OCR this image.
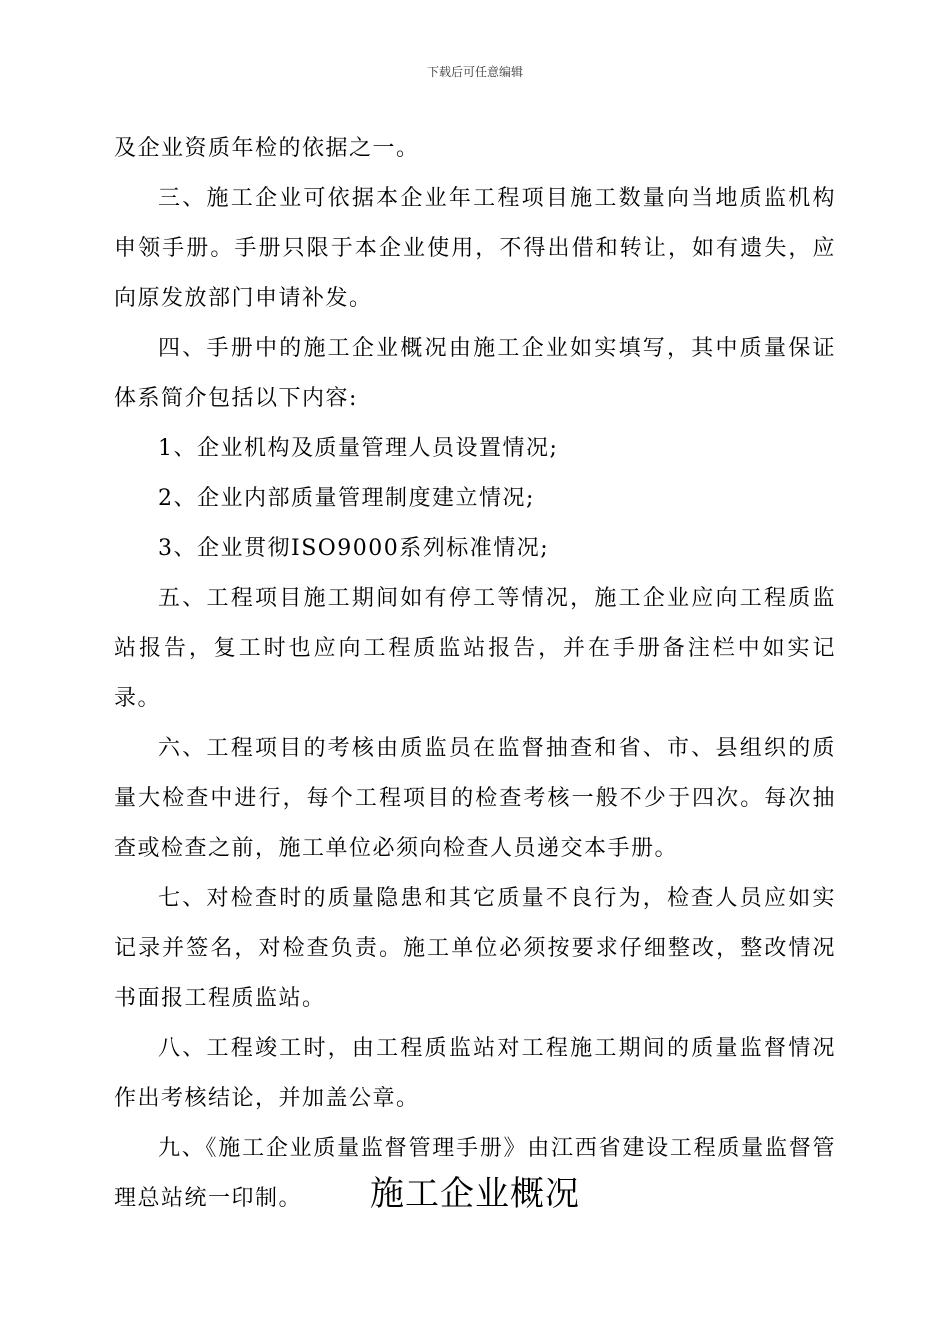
下载后可任意编辑

及企业资质年检的依据之一。

三、施工企业可依据本企业年工程项目施工数量向当地质监机构申领手册。手册只限于本企业使用，不得出借和转让，如有遗失，应向原发放部门申请补发。

四、手册中的施工企业概况由施工企业如实填写，其中质量保证体系简介包括以下内容:

1、企业机构及质量管理人员设置情况;

2、企业内部质量管理制度建立情况;

3、企业贯彻ISO9000系列标准情况;

五、工程项目施工期间如有停工等情况，施工企业应向工程质监站报告，复工时也应向工程质监站报告，并在手册备注栏中如实记录。

六、工程项目的考核由质监员在监督抽查和省、市、县组织的质量大检查中进行，每个工程项目的检查考核一般不少于四次。每次抽查或检查之前，施工单位必须向检查人员递交本手册。

七、对检查时的质量隐患和其它质量不良行为，检查人员应如实记录并签名，对检查负责。施工单位必须按要求仔细整改，整改情况书面报工程质监站。

八、工程竣工时，由工程质监站对工程施工期间的质量监督情况作出考核结论，并加盖公章。

九、《施工企业质量监督管理手册》由江西省建设工程质量监督管理总站统一印制。	施工企业概况
